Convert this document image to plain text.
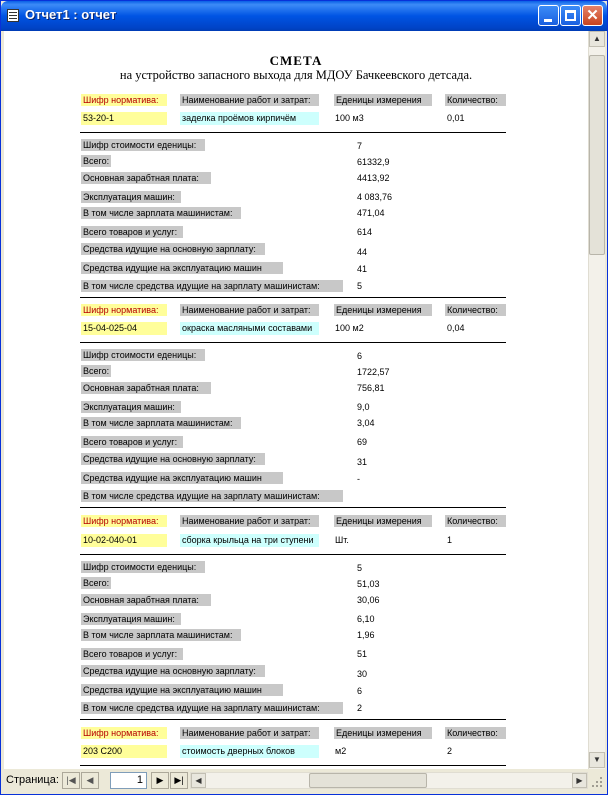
Отчет1 : отчет	✕
СМЕТА
на устройство запасного выхода для МДОУ Бачкеевского детсада.
Шифр норматива:	Наименование работ и затрат:	Еденицы измерения	Количество:
53-20-1	заделка проёмов кирпичём	100 м3	0,01
Шифр стоимости еденицы:	7
Всего:	61332,9
Основная зарабтная плата:	4413,92
Эксплуатация машин:	4 083,76
В том числе зарплата машинистам:	471,04
Всего товаров и услуг:	614
Средства идущие на основную зарплату:	44
Средства идущие на эксплуатацию машин	41
В том числе средства идущие на зарплату машинистам:	5
Шифр норматива:	Наименование работ и затрат:	Еденицы измерения	Количество:
15-04-025-04	окраска масляными составами	100 м2	0,04
Шифр стоимости еденицы:	6
Всего:	1722,57
Основная зарабтная плата:	756,81
Эксплуатация машин:	9,0
В том числе зарплата машинистам:	3,04
Всего товаров и услуг:	69
Средства идущие на основную зарплату:	31
Средства идущие на эксплуатацию машин	-
В том числе средства идущие на зарплату машинистам:
Шифр норматива:	Наименование работ и затрат:	Еденицы измерения	Количество:
10-02-040-01	сборка крыльца на три ступени	Шт.	1
Шифр стоимости еденицы:	5
Всего:	51,03
Основная зарабтная плата:	30,06
Эксплуатация машин:	6,10
В том числе зарплата машинистам:	1,96
Всего товаров и услуг:	51
Средства идущие на основную зарплату:	30
Средства идущие на эксплуатацию машин	6
В том числе средства идущие на зарплату машинистам:	2
Шифр норматива:	Наименование работ и затрат:	Еденицы измерения	Количество:
203 С200	стоимость дверных блоков	м2	2
▲
▼
Страница: |◀	◀	1	▶	▶|	◀	▶
